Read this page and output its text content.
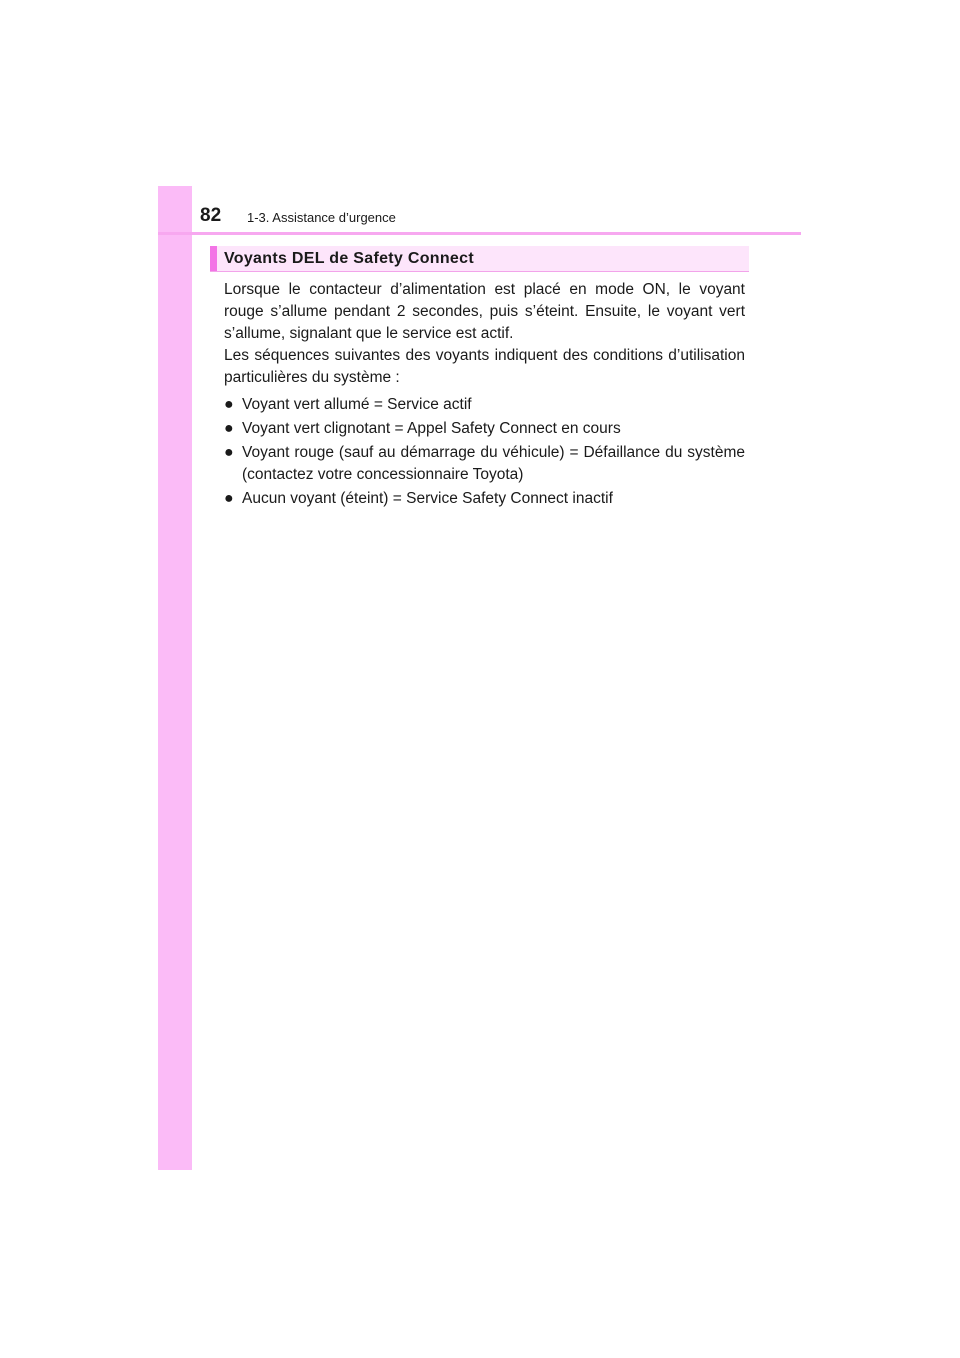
82 1-3. Assistance d’urgence
Voyants DEL de Safety Connect

Lorsque le contacteur d’alimentation est placé en mode ON, le voyant rouge s’allume pendant 2 secondes, puis s’éteint. Ensuite, le voyant vert s’allume, signalant que le service est actif.

Les séquences suivantes des voyants indiquent des conditions d’utilisation particulières du système :

● Voyant vert allumé = Service actif
● Voyant vert clignotant = Appel Safety Connect en cours
● Voyant rouge (sauf au démarrage du véhicule) = Défaillance du système (contactez votre concessionnaire Toyota)
● Aucun voyant (éteint) = Service Safety Connect inactif
